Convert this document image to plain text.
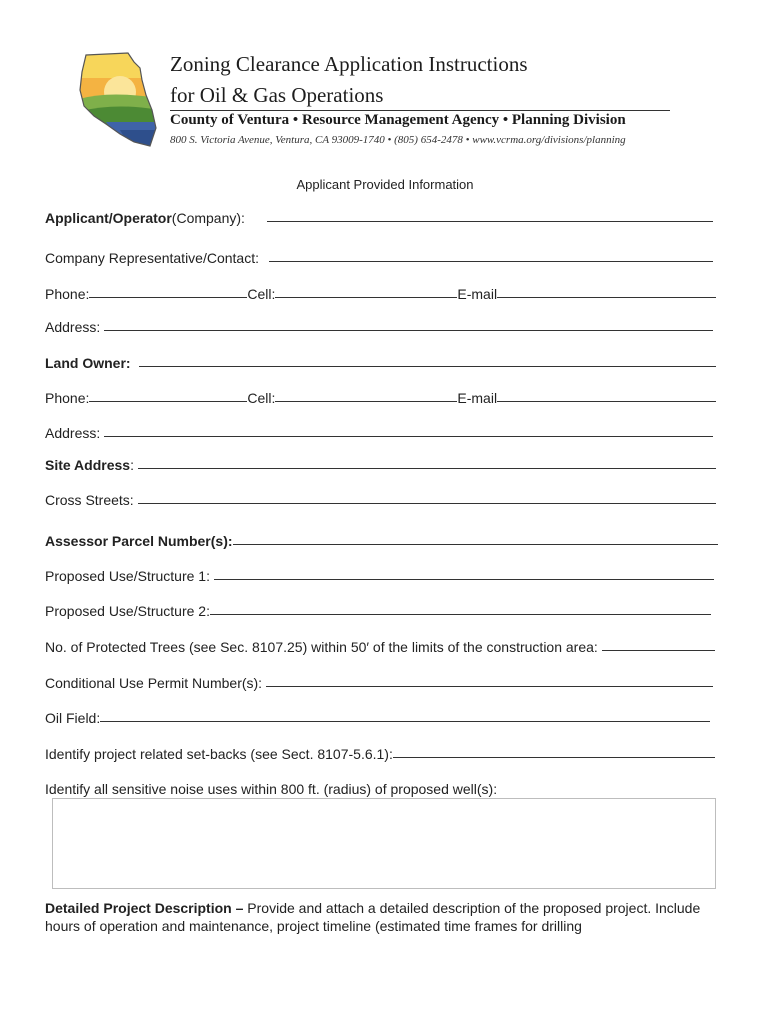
Zoning Clearance Application Instructions
for Oil & Gas Operations
County of Ventura • Resource Management Agency • Planning Division
800 S. Victoria Avenue, Ventura, CA 93009-1740 • (805) 654-2478 • www.vcrma.org/divisions/planning
Applicant Provided Information
Applicant/Operator (Company):
Company Representative/Contact:
Phone:	Cell:	E-mail
Address:
Land Owner:
Phone:	Cell:	E-mail
Address:
Site Address :
Cross Streets:
Assessor Parcel Number(s):
Proposed Use/Structure 1:
Proposed Use/Structure 2:
No. of Protected Trees (see Sec. 8107.25) within 50′ of the limits of the construction area:
Conditional Use Permit Number(s):
Oil Field:
Identify project related set-backs (see Sect. 8107-5.6.1):
Identify all sensitive noise uses within 800 ft. (radius) of proposed well(s):
Detailed Project Description – Provide and attach a detailed description of the proposed project. Include hours of operation and maintenance, project timeline (estimated time frames for drilling
